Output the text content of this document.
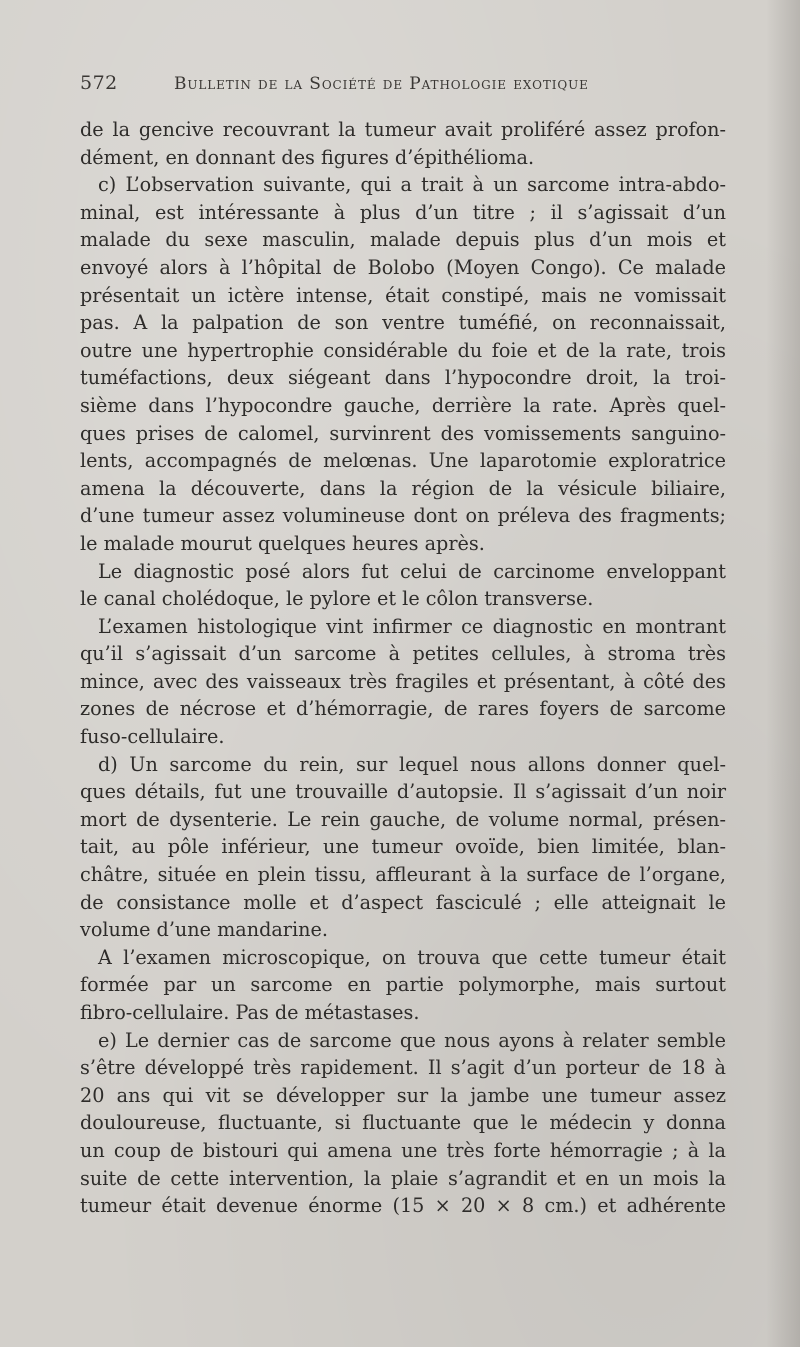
572	Bulletin de la Société de Pathologie exotique
de la gencive recouvrant la tumeur avait proliféré assez profon-
dément, en donnant des figures d’épithélioma.
c) L’observation suivante, qui a trait à un sarcome intra-abdo-
minal, est intéressante à plus d’un titre ; il s’agissait d’un
malade du sexe masculin, malade depuis plus d’un mois et
envoyé alors à l’hôpital de Bolobo (Moyen Congo). Ce malade
présentait un ictère intense, était constipé, mais ne vomissait
pas. A la palpation de son ventre tuméfié, on reconnaissait,
outre une hypertrophie considérable du foie et de la rate, trois
tuméfactions, deux siégeant dans l’hypocondre droit, la troi-
sième dans l’hypocondre gauche, derrière la rate. Après quel-
ques prises de calomel, survinrent des vomissements sanguino-
lents, accompagnés de melœnas. Une laparotomie exploratrice
amena la découverte, dans la région de la vésicule biliaire,
d’une tumeur assez volumineuse dont on préleva des fragments;
le malade mourut quelques heures après.
Le diagnostic posé alors fut celui de carcinome enveloppant
le canal cholédoque, le pylore et le côlon transverse.
L’examen histologique vint infirmer ce diagnostic en montrant
qu’il s’agissait d’un sarcome à petites cellules, à stroma très
mince, avec des vaisseaux très fragiles et présentant, à côté des
zones de nécrose et d’hémorragie, de rares foyers de sarcome
fuso-cellulaire.
d) Un sarcome du rein, sur lequel nous allons donner quel-
ques détails, fut une trouvaille d’autopsie. Il s’agissait d’un noir
mort de dysenterie. Le rein gauche, de volume normal, présen-
tait, au pôle inférieur, une tumeur ovoïde, bien limitée, blan-
châtre, située en plein tissu, affleurant à la surface de l’organe,
de consistance molle et d’aspect fasciculé ; elle atteignait le
volume d’une mandarine.
A l’examen microscopique, on trouva que cette tumeur était
formée par un sarcome en partie polymorphe, mais surtout
fibro-cellulaire. Pas de métastases.
e) Le dernier cas de sarcome que nous ayons à relater semble
s’être développé très rapidement. Il s’agit d’un porteur de 18 à
20 ans qui vit se développer sur la jambe une tumeur assez
douloureuse, fluctuante, si fluctuante que le médecin y donna
un coup de bistouri qui amena une très forte hémorragie ; à la
suite de cette intervention, la plaie s’agrandit et en un mois la
tumeur était devenue énorme (15 × 20 × 8 cm.) et adhérente
